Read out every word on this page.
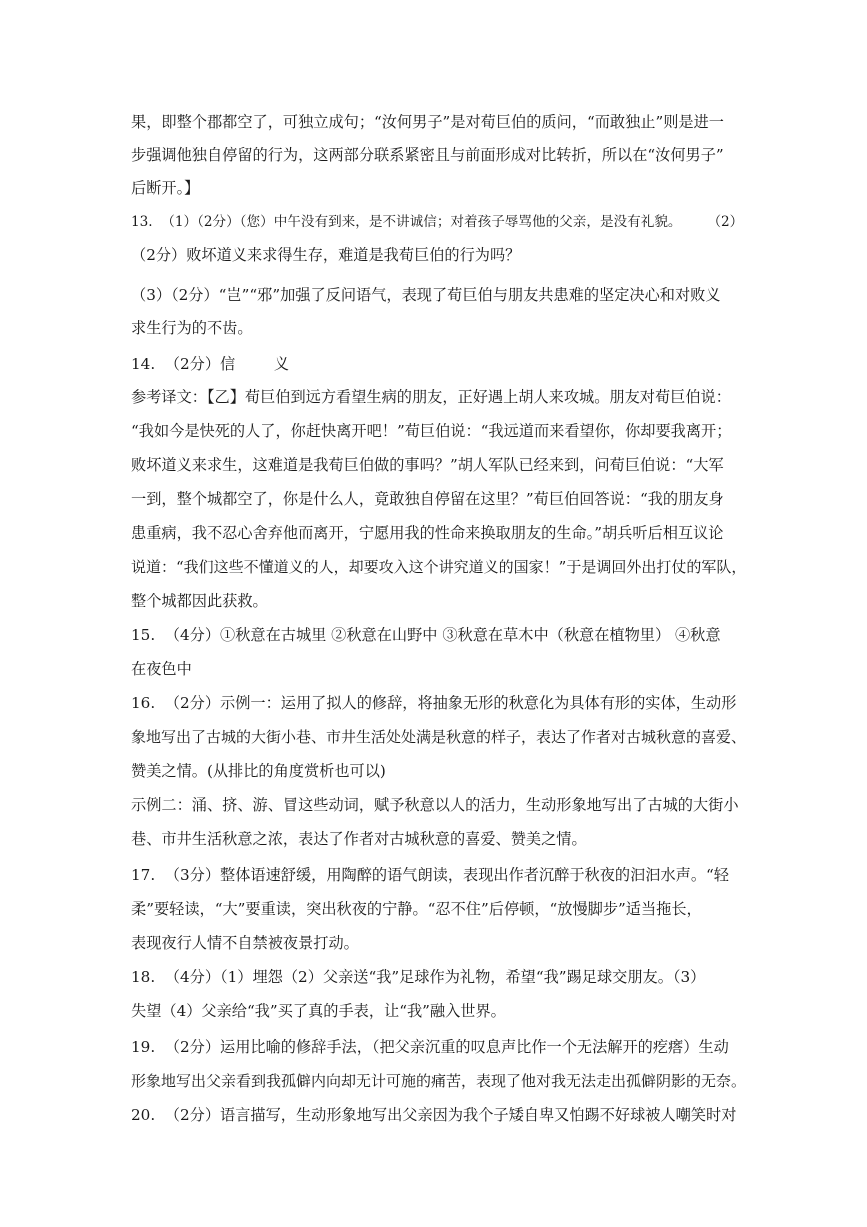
果，即整个郡都空了，可独立成句；“汝何男子”是对荀巨伯的质问，“而敢独止”则是进一
步强调他独自停留的行为，这两部分联系紧密且与前面形成对比转折，所以在“汝何男子”
后断开。】
13.  （1）（2分）（您）中午没有到来，是不讲诚信；对着孩子辱骂他的父亲，是没有礼貌。      （2）
（2分）败坏道义来求得生存，难道是我荀巨伯的行为吗？
（3）（2分）“岂”“邪”加强了反问语气，表现了荀巨伯与朋友共患难的坚定决心和对败义
求生行为的不齿。
14.  （2分）信        义
参考译文：【乙】荀巨伯到远方看望生病的朋友，正好遇上胡人来攻城。朋友对荀巨伯说：
“我如今是快死的人了，你赶快离开吧！”荀巨伯说：“我远道而来看望你，你却要我离开；
败坏道义来求生，这难道是我荀巨伯做的事吗？”胡人军队已经来到，问荀巨伯说：“大军
一到，整个城都空了，你是什么人，竟敢独自停留在这里？”荀巨伯回答说：“我的朋友身
患重病，我不忍心舍弃他而离开，宁愿用我的性命来换取朋友的生命。”胡兵听后相互议论
说道：“我们这些不懂道义的人，却要攻入这个讲究道义的国家！”于是调回外出打仗的军队，
整个城都因此获救。
15.  （4分）①秋意在古城里 ②秋意在山野中 ③秋意在草木中（秋意在植物里） ④秋意
在夜色中
16.  （2分）示例一：运用了拟人的修辞，将抽象无形的秋意化为具体有形的实体，生动形
象地写出了古城的大街小巷、市井生活处处满是秋意的样子，表达了作者对古城秋意的喜爱、
赞美之情。(从排比的角度赏析也可以)
示例二：涌、挤、游、冒这些动词，赋予秋意以人的活力，生动形象地写出了古城的大街小
巷、市井生活秋意之浓，表达了作者对古城秋意的喜爱、赞美之情。
17.  （3分）整体语速舒缓，用陶醉的语气朗读，表现出作者沉醉于秋夜的汩汩水声。“轻
柔”要轻读，“大”要重读，突出秋夜的宁静。“忍不住”后停顿，“放慢脚步”适当拖长，
表现夜行人情不自禁被夜景打动。
18.  （4分）（1）埋怨（2）父亲送“我”足球作为礼物，希望“我”踢足球交朋友。（3）
失望（4）父亲给“我”买了真的手表，让“我”融入世界。
19.  （2分）运用比喻的修辞手法，（把父亲沉重的叹息声比作一个无法解开的疙瘩）生动
形象地写出父亲看到我孤僻内向却无计可施的痛苦，表现了他对我无法走出孤僻阴影的无奈。
20.  （2分）语言描写，生动形象地写出父亲因为我个子矮自卑又怕踢不好球被人嘲笑时对
